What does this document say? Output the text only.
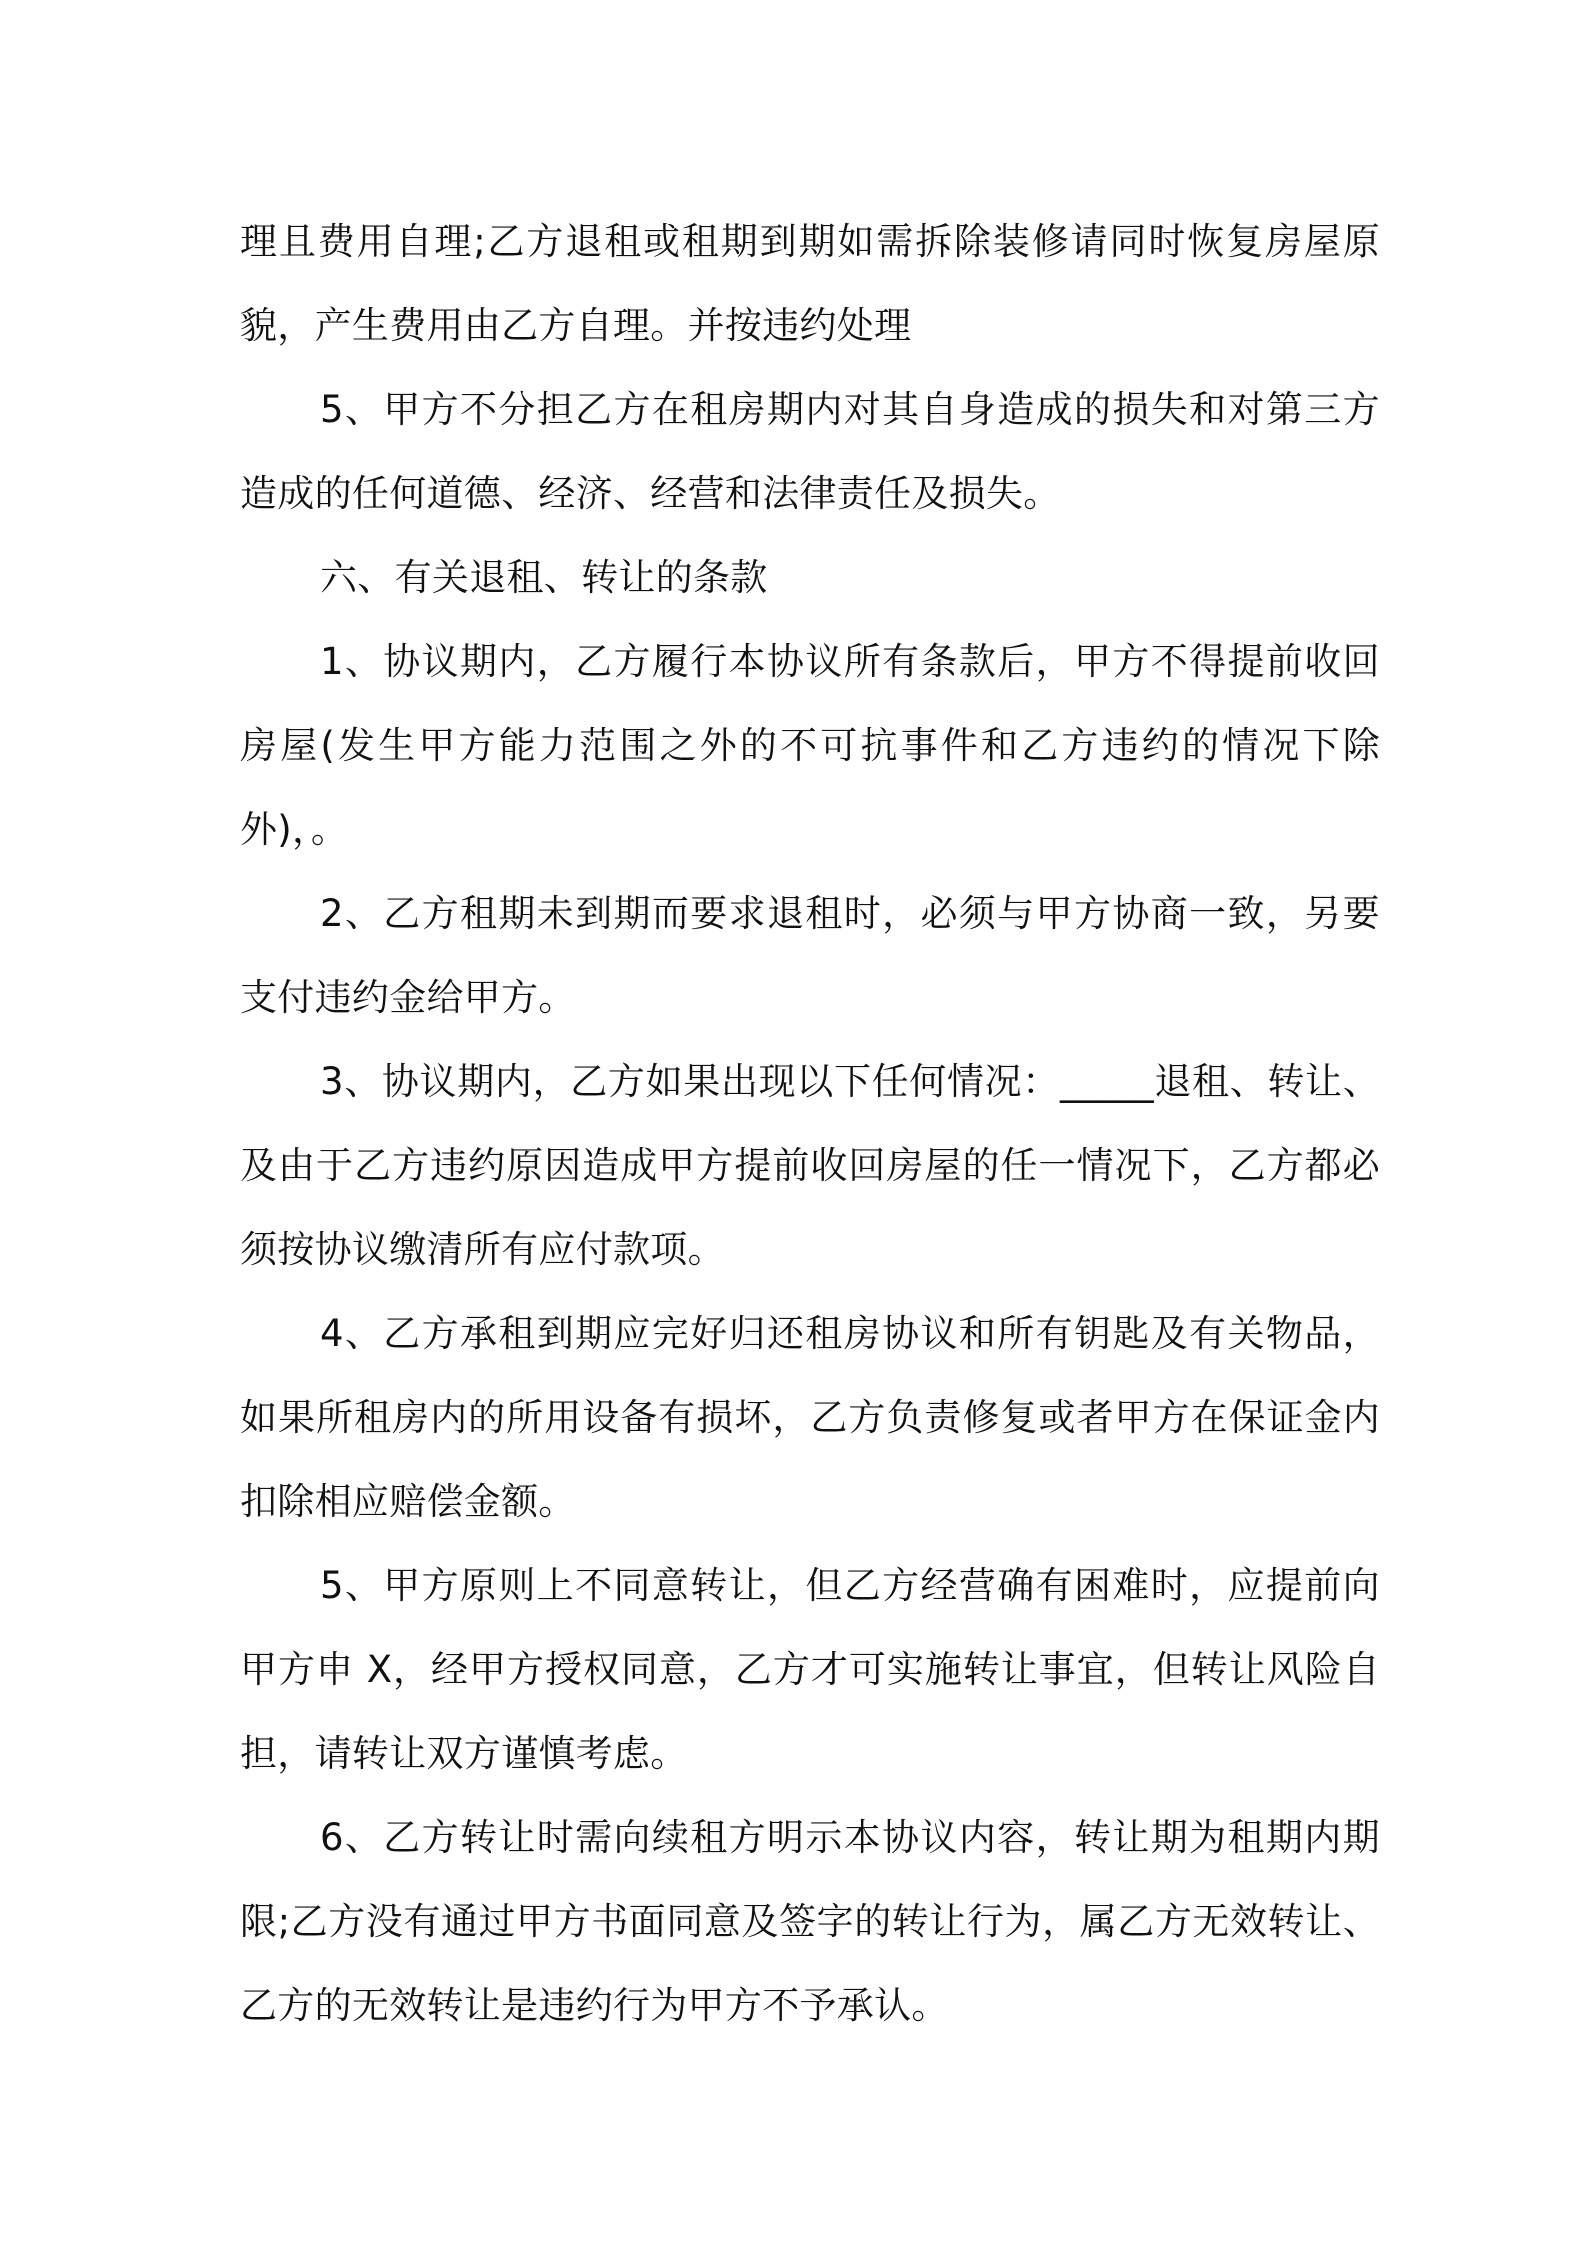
理且费用自理;乙方退租或租期到期如需拆除装修请同时恢复房屋原貌，产生费用由乙方自理。并按违约处理

5、甲方不分担乙方在租房期内对其自身造成的损失和对第三方造成的任何道德、经济、经营和法律责任及损失。

六、有关退租、转让的条款

1、协议期内，乙方履行本协议所有条款后，甲方不得提前收回房屋(发生甲方能力范围之外的不可抗事件和乙方违约的情况下除外)，。

2、乙方租期未到期而要求退租时，必须与甲方协商一致，另要支付违约金给甲方。

3、协议期内，乙方如果出现以下任何情况：_____退租、转让、及由于乙方违约原因造成甲方提前收回房屋的任一情况下，乙方都必须按协议缴清所有应付款项。

4、乙方承租到期应完好归还租房协议和所有钥匙及有关物品，如果所租房内的所用设备有损坏，乙方负责修复或者甲方在保证金内扣除相应赔偿金额。

5、甲方原则上不同意转让，但乙方经营确有困难时，应提前向甲方申 X，经甲方授权同意，乙方才可实施转让事宜，但转让风险自担，请转让双方谨慎考虑。

6、乙方转让时需向续租方明示本协议内容，转让期为租期内期限;乙方没有通过甲方书面同意及签字的转让行为，属乙方无效转让、乙方的无效转让是违约行为甲方不予承认。
